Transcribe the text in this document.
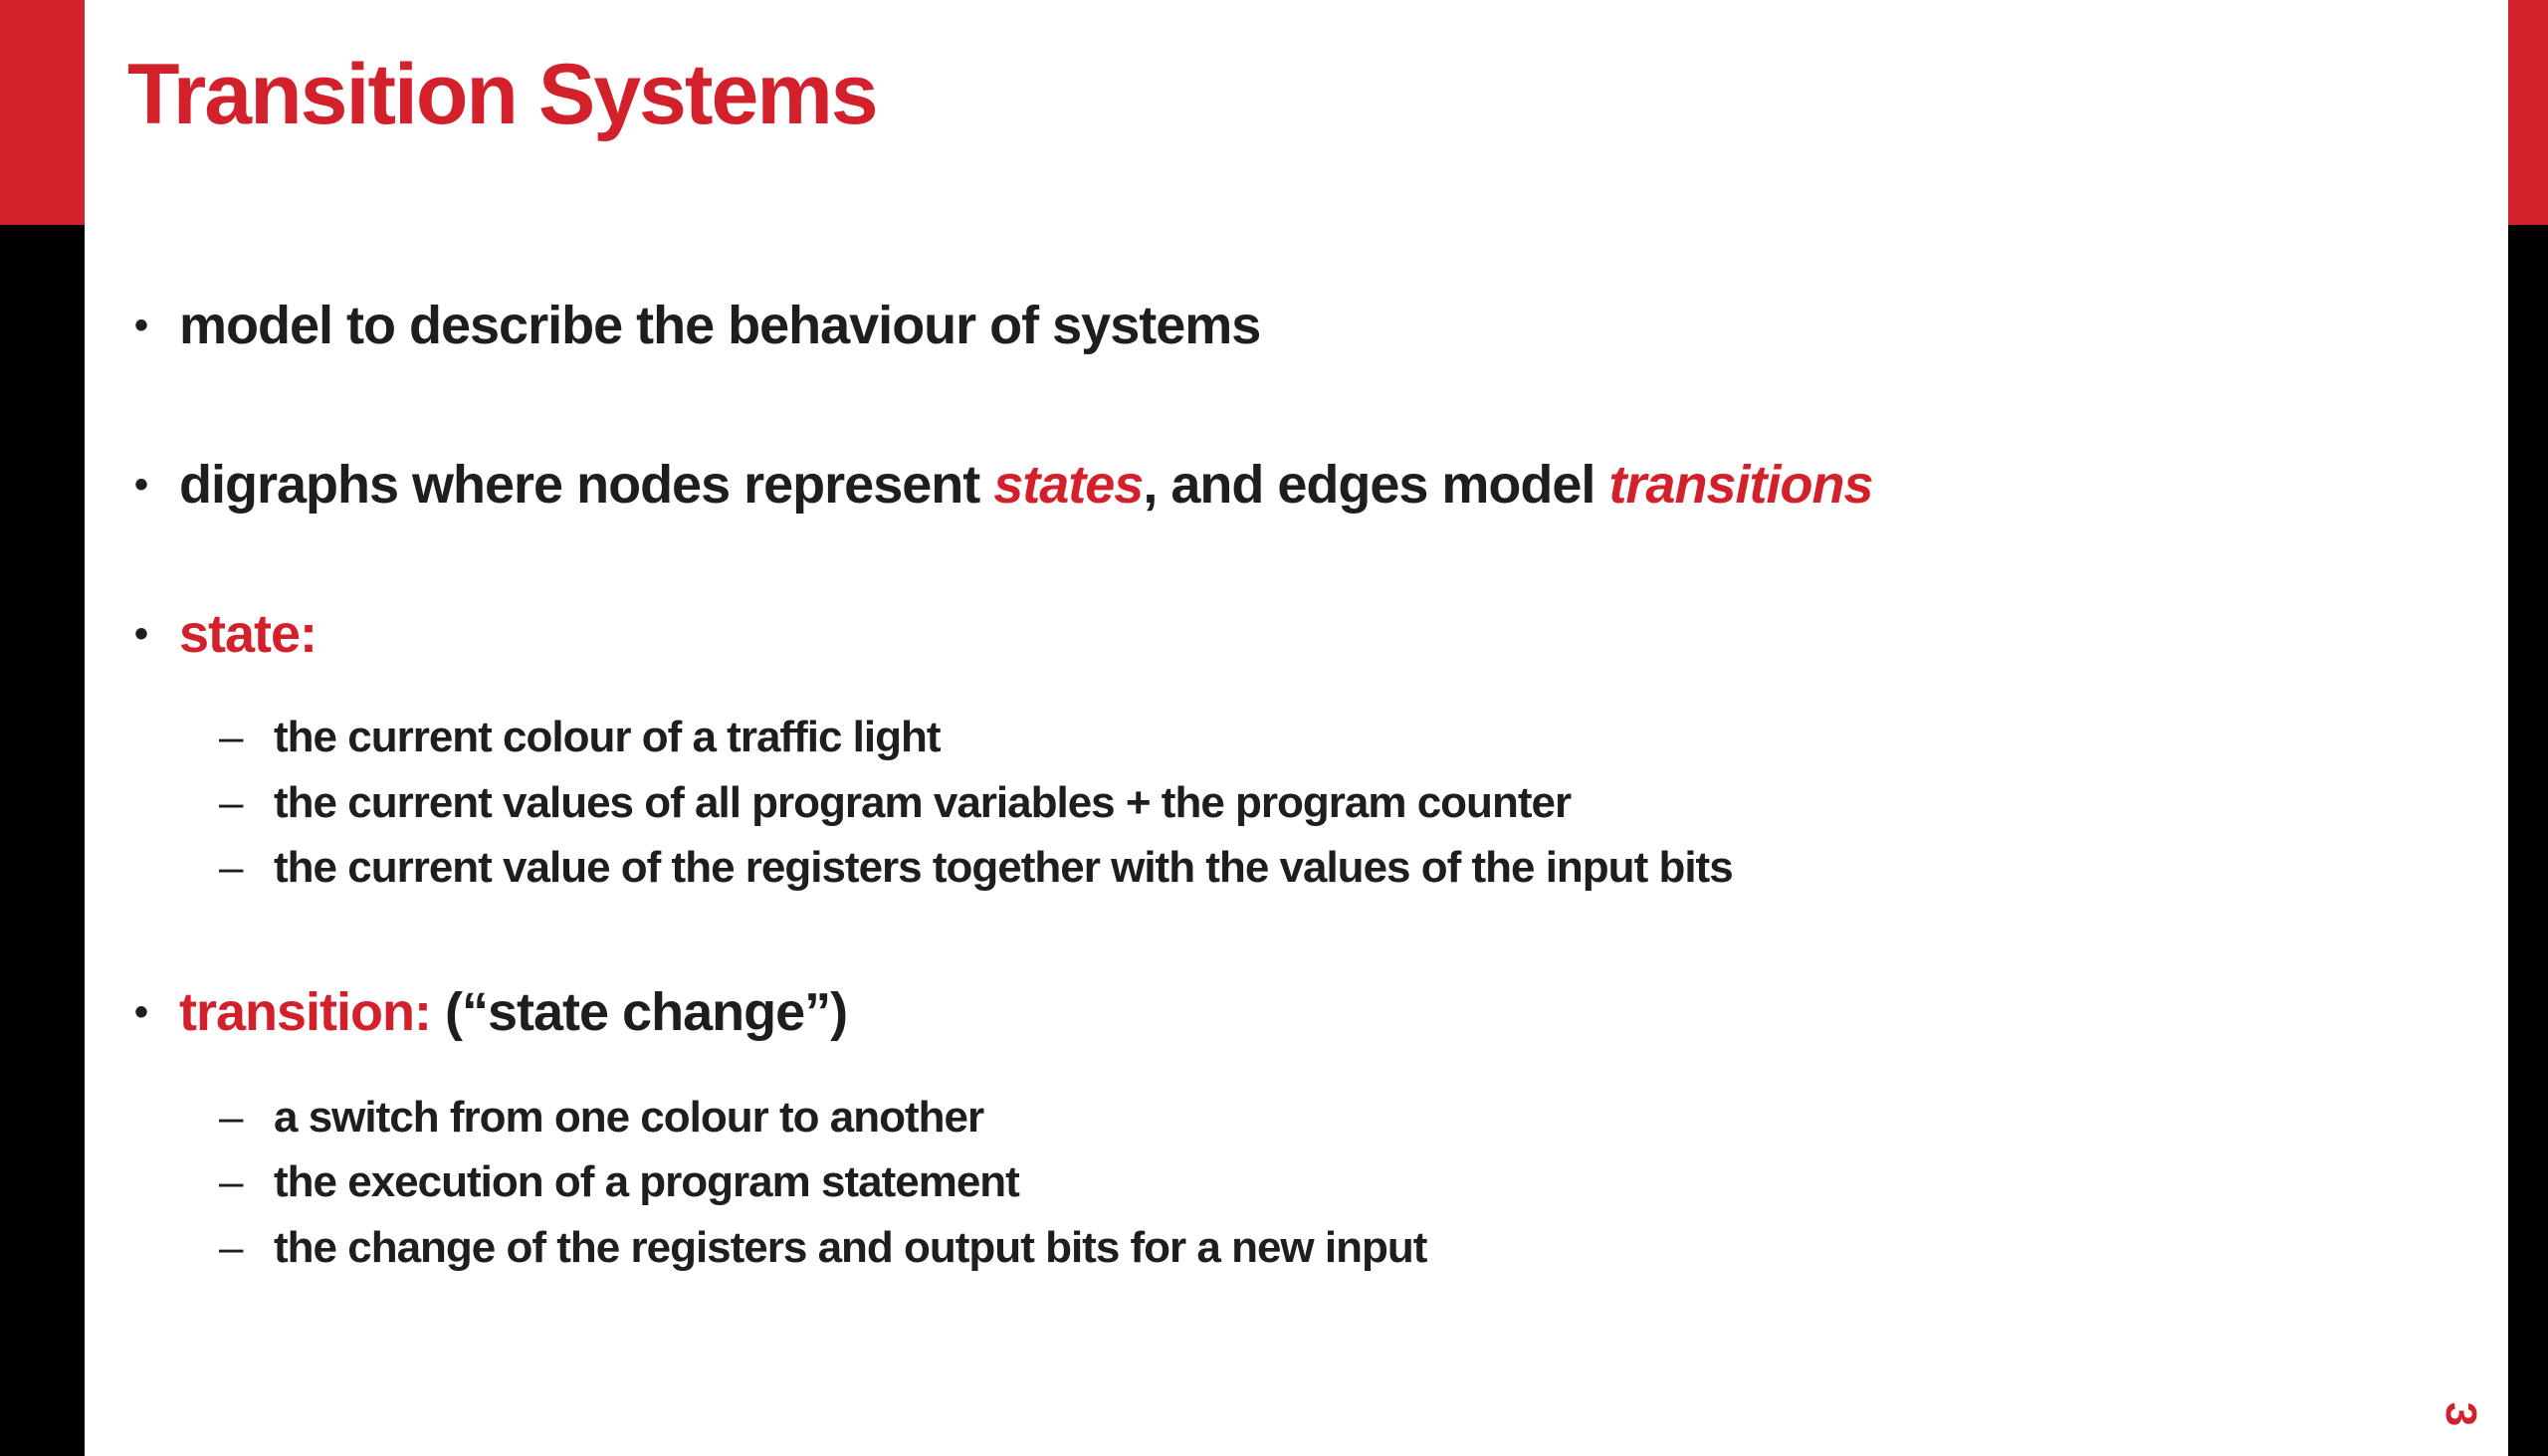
Transition Systems
• model to describe the behaviour of systems
• digraphs where nodes represent states, and edges model transitions
• state:
– the current colour of a traffic light
– the current values of all program variables + the program counter
– the current value of the registers together with the values of the input bits
• transition: (“state change”)
– a switch from one colour to another
– the execution of a program statement
– the change of the registers and output bits for a new input
3
